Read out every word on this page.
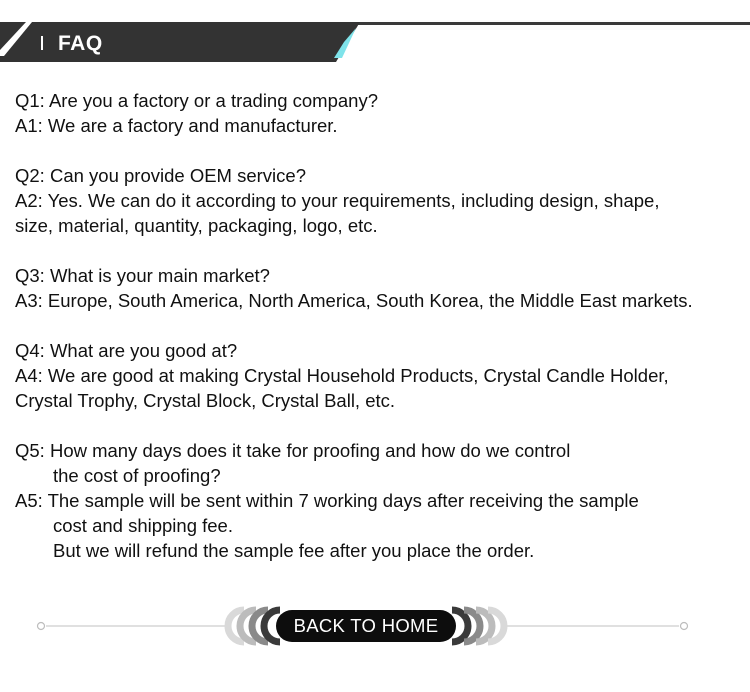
FAQ
Q1: Are you a factory or a trading company?
A1: We are a factory and manufacturer.
Q2: Can you provide OEM service?
A2: Yes. We can do it according to your requirements, including design, shape,
size, material, quantity, packaging, logo, etc.
Q3: What is your main market?
A3: Europe, South America, North America, South Korea, the Middle East markets.
Q4: What are you good at?
A4: We are good at making Crystal Household Products, Crystal Candle Holder,
Crystal Trophy, Crystal Block, Crystal Ball, etc.
Q5: How many days does it take for proofing and how do we control
the cost of proofing?
A5: The sample will be sent within 7 working days after receiving the sample
cost and shipping fee.
But we will refund the sample fee after you place the order.
BACK TO HOME
